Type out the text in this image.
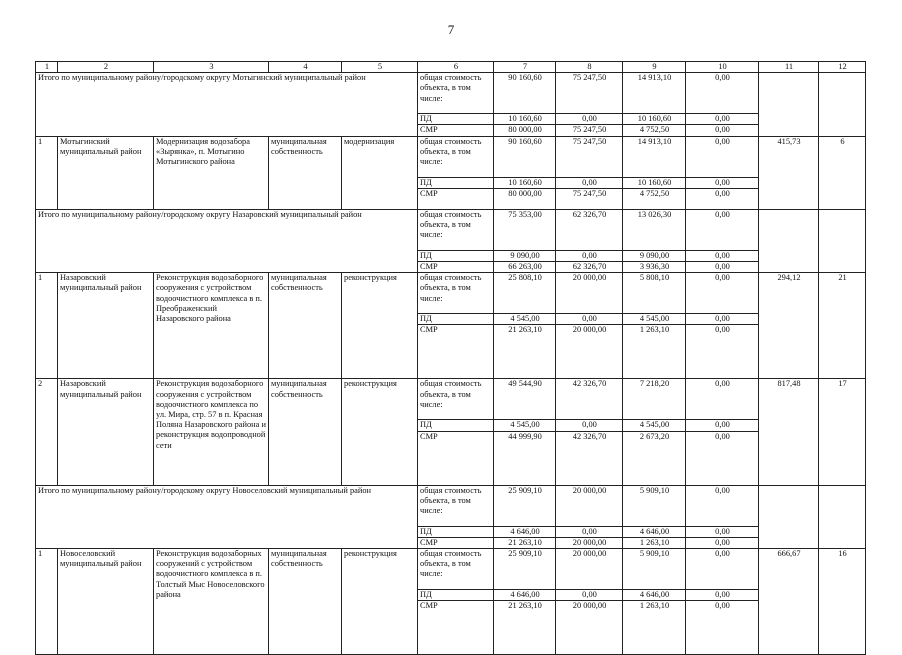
7
1	2	3	4	5	6	7	8	9	10	11	12
Итого по муниципальному району/городскому округу Мотыгинский муниципальный район					общая стоимость объекта, в том числе:	90 160,60	75 247,50	14 913,10	0,00		
					ПД	10 160,60	0,00	10 160,60	0,00		
					СМР	80 000,00	75 247,50	4 752,50	0,00		
1	Мотыгинский муниципальный район	Модернизация водозабора «Зырянка», п. Мотыгино Мотыгинского района	муниципальная собственность	модернизация	общая стоимость объекта, в том числе:	90 160,60	75 247,50	14 913,10	0,00	415,73	6
					ПД	10 160,60	0,00	10 160,60	0,00		
					СМР	80 000,00	75 247,50	4 752,50	0,00		
Итого по муниципальному району/городскому округу Назаровский муниципальный район					общая стоимость объекта, в том числе:	75 353,00	62 326,70	13 026,30	0,00		
					ПД	9 090,00	0,00	9 090,00	0,00		
					СМР	66 263,00	62 326,70	3 936,30	0,00		
1	Назаровский муниципальный район	Реконструкция водозаборного сооружения с устройством водоочистного комплекса в п. Преображенский Назаровского района	муниципальная собственность	реконструкция	общая стоимость объекта, в том числе:	25 808,10	20 000,00	5 808,10	0,00	294,12	21
					ПД	4 545,00	0,00	4 545,00	0,00		
					СМР	21 263,10	20 000,00	1 263,10	0,00		
2	Назаровский муниципальный район	Реконструкция водозаборного сооружения с устройством водоочистного комплекса по ул. Мира, стр. 57 в п. Красная Поляна Назаровского района и реконструкция водопроводной сети	муниципальная собственность	реконструкция	общая стоимость объекта, в том числе:	49 544,90	42 326,70	7 218,20	0,00	817,48	17
					ПД	4 545,00	0,00	4 545,00	0,00		
					СМР	44 999,90	42 326,70	2 673,20	0,00		
Итого по муниципальному району/городскому округу Новоселовский муниципальный район					общая стоимость объекта, в том числе:	25 909,10	20 000,00	5 909,10	0,00		
					ПД	4 646,00	0,00	4 646,00	0,00		
					СМР	21 263,10	20 000,00	1 263,10	0,00		
1	Новоселовский муниципальный район	Реконструкция водозаборных сооружений с устройством водоочистного комплекса в п. Толстый Мыс Новоселовского района	муниципальная собственность	реконструкция	общая стоимость объекта, в том числе:	25 909,10	20 000,00	5 909,10	0,00	666,67	16
					ПД	4 646,00	0,00	4 646,00	0,00		
					СМР	21 263,10	20 000,00	1 263,10	0,00		
